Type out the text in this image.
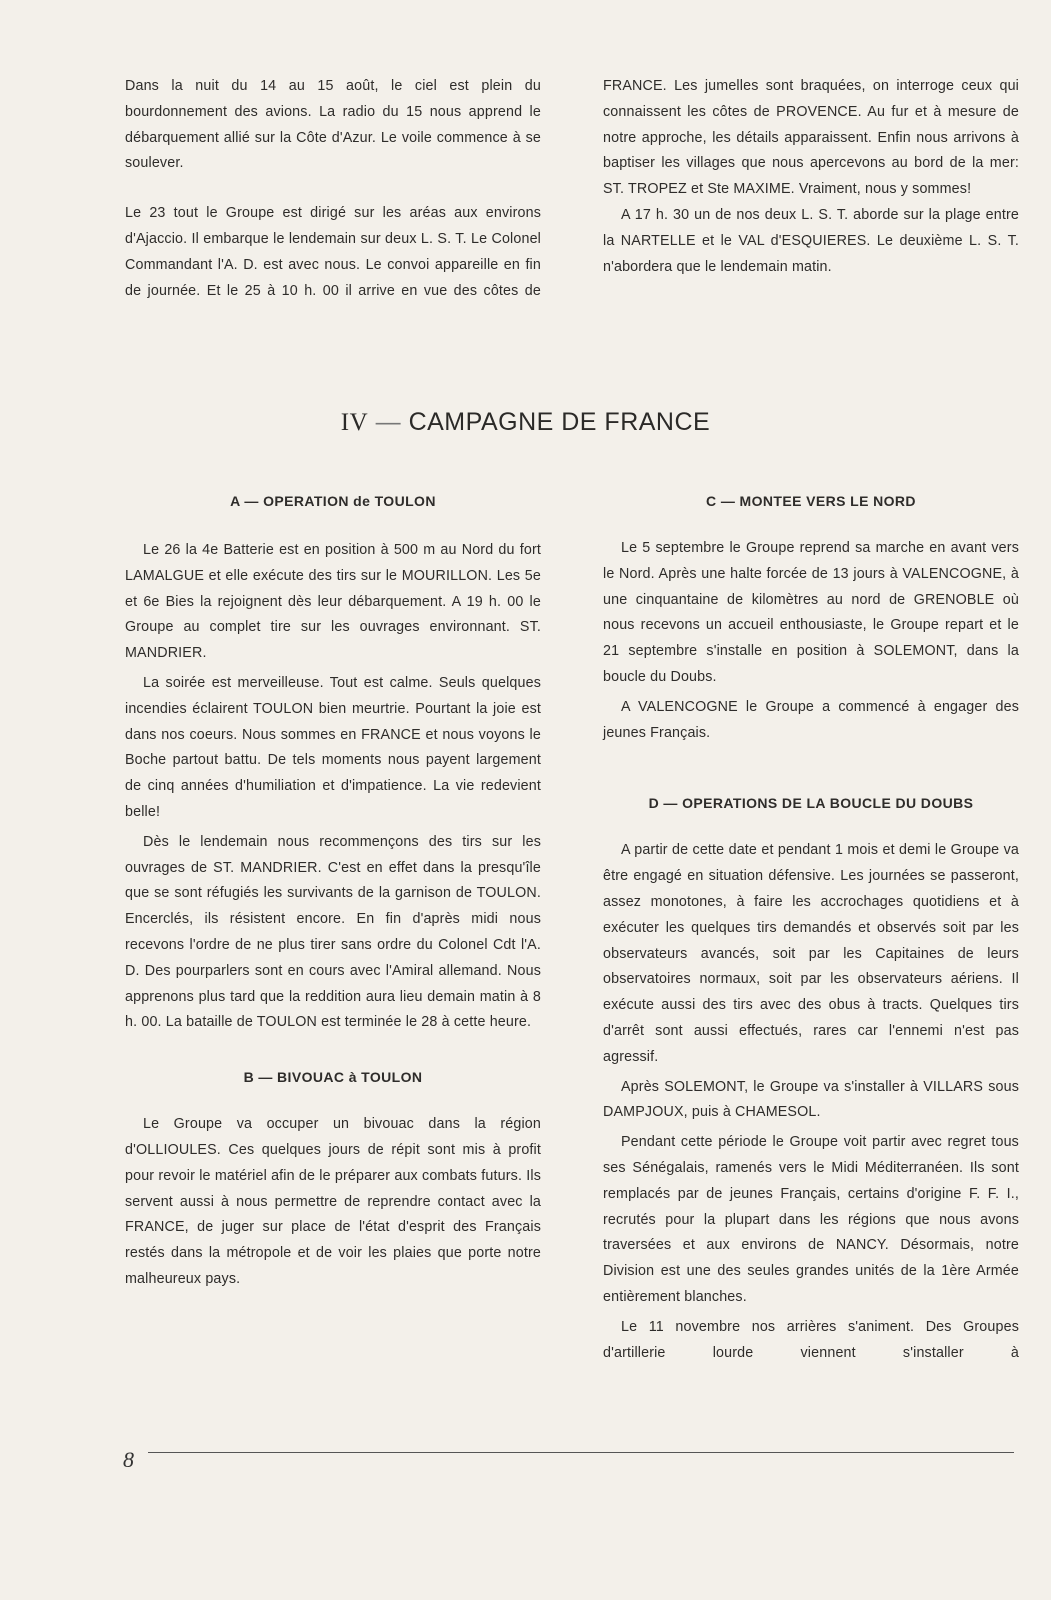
Dans la nuit du 14 au 15 août, le ciel est plein du bourdonnement des avions. La radio du 15 nous apprend le débarquement allié sur la Côte d'Azur. Le voile commence à se soulever.

Le 23 tout le Groupe est dirigé sur les aréas aux environs d'Ajaccio. Il embarque le lendemain sur deux L. S. T. Le Colonel Commandant l'A. D. est avec nous. Le convoi appareille en fin de journée. Et le 25 à 10 h. 00 il arrive en vue des côtes de

FRANCE. Les jumelles sont braquées, on interroge ceux qui connaissent les côtes de PROVENCE. Au fur et à mesure de notre approche, les détails apparaissent. Enfin nous arrivons à baptiser les villages que nous apercevons au bord de la mer: ST. TROPEZ et Ste MAXIME. Vraiment, nous y sommes!

A 17 h. 30 un de nos deux L. S. T. aborde sur la plage entre la NARTELLE et le VAL d'ESQUIERES. Le deuxième L. S. T. n'abordera que le lendemain matin.

IV — CAMPAGNE DE FRANCE
A — OPERATION de TOULON

Le 26 la 4e Batterie est en position à 500 m au Nord du fort LAMALGUE et elle exécute des tirs sur le MOURILLON. Les 5e et 6e Bies la rejoignent dès leur débarquement. A 19 h. 00 le Groupe au complet tire sur les ouvrages environnant. ST. MANDRIER.

La soirée est merveilleuse. Tout est calme. Seuls quelques incendies éclairent TOULON bien meurtrie. Pourtant la joie est dans nos coeurs. Nous sommes en FRANCE et nous voyons le Boche partout battu. De tels moments nous payent largement de cinq années d'humiliation et d'impatience. La vie redevient belle!

Dès le lendemain nous recommençons des tirs sur les ouvrages de ST. MANDRIER. C'est en effet dans la presqu'île que se sont réfugiés les survivants de la garnison de TOULON. Encerclés, ils résistent encore. En fin d'après midi nous recevons l'ordre de ne plus tirer sans ordre du Colonel Cdt l'A. D. Des pourparlers sont en cours avec l'Amiral allemand. Nous apprenons plus tard que la reddition aura lieu demain matin à 8 h. 00. La bataille de TOULON est terminée le 28 à cette heure.

B — BIVOUAC à TOULON

Le Groupe va occuper un bivouac dans la région d'OLLIOULES. Ces quelques jours de répit sont mis à profit pour revoir le matériel afin de le préparer aux combats futurs. Ils servent aussi à nous permettre de reprendre contact avec la FRANCE, de juger sur place de l'état d'esprit des Français restés dans la métropole et de voir les plaies que porte notre malheureux pays.

C — MONTEE VERS LE NORD

Le 5 septembre le Groupe reprend sa marche en avant vers le Nord. Après une halte forcée de 13 jours à VALENCOGNE, à une cinquantaine de kilomètres au nord de GRENOBLE où nous recevons un accueil enthousiaste, le Groupe repart et le 21 septembre s'installe en position à SOLEMONT, dans la boucle du Doubs.

A VALENCOGNE le Groupe a commencé à engager des jeunes Français.

D — OPERATIONS DE LA BOUCLE DU DOUBS

A partir de cette date et pendant 1 mois et demi le Groupe va être engagé en situation défensive. Les journées se passeront, assez monotones, à faire les accrochages quotidiens et à exécuter les quelques tirs demandés et observés soit par les observateurs avancés, soit par les Capitaines de leurs observatoires normaux, soit par les observateurs aériens. Il exécute aussi des tirs avec des obus à tracts. Quelques tirs d'arrêt sont aussi effectués, rares car l'ennemi n'est pas agressif.

Après SOLEMONT, le Groupe va s'installer à VILLARS sous DAMPJOUX, puis à CHAMESOL.

Pendant cette période le Groupe voit partir avec regret tous ses Sénégalais, ramenés vers le Midi Méditerranéen. Ils sont remplacés par de jeunes Français, certains d'origine F. F. I., recrutés pour la plupart dans les régions que nous avons traversées et aux environs de NANCY. Désormais, notre Division est une des seules grandes unités de la 1ère Armée entièrement blanches.

Le 11 novembre nos arrières s'animent. Des Groupes d'artillerie lourde viennent s'installer à

8
